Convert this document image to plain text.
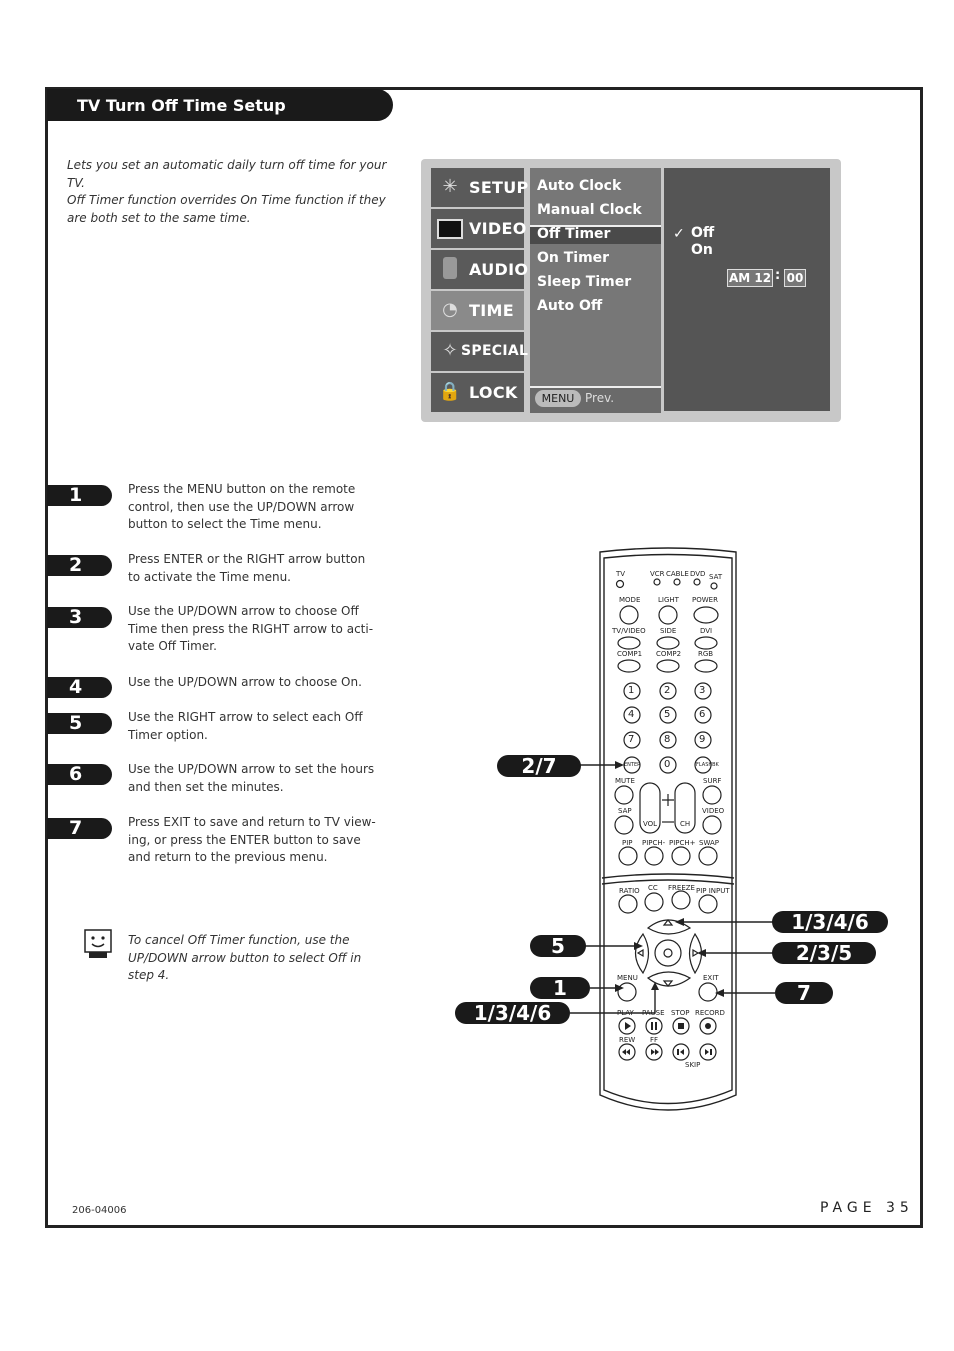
TV Turn Off Time Setup
Lets you set an automatic daily turn off time for your TV.
Off Timer function overrides On Time function if they are both set to the same time.
✳ SETUP
VIDEO
AUDIO
◔ TIME
✧ SPECIAL
🔒 LOCK
Auto Clock
Manual Clock
Off Timer
On Timer
Sleep Timer
Auto Off
MENU Prev.
✓ Off
On
AM 12 : 00
1	Press the MENU button on the remote control, then use the UP/DOWN arrow button to select the Time menu.
2	Press ENTER or the RIGHT arrow button to activate the Time menu.
3	Use the UP/DOWN arrow to choose Off Time then press the RIGHT arrow to acti-vate Off Timer.
4	Use the UP/DOWN arrow to choose On.
5	Use the RIGHT arrow to select each Off Timer option.
6	Use the UP/DOWN arrow to set the hours and then set the minutes.
7	Press EXIT to save and return to TV view-ing, or press the ENTER button to save and return to the previous menu.
To cancel Off Timer function, use the UP/DOWN arrow button to select Off in step 4.
TV	VCR CABLE DVD SAT
MODE	LIGHT POWER
TV/VIDEO SIDE	DVI
COMP1 COMP2 RGB
1	2	3
4	5	6
7	8	9
0
ENTER	FLASHBK
MUTE	SURF
SAP	VIDEO
VOL	CH
PIP PIPCH- PIPCH+ SWAP
RATIO CC FREEZE PIP INPUT
MENU	EXIT
PLAY PAUSE STOP RECORD
REW FF
SKIP
2/7
1/3/4/6
2/3/5
5
1
1/3/4/6
7
206-04006	PAGE 35
